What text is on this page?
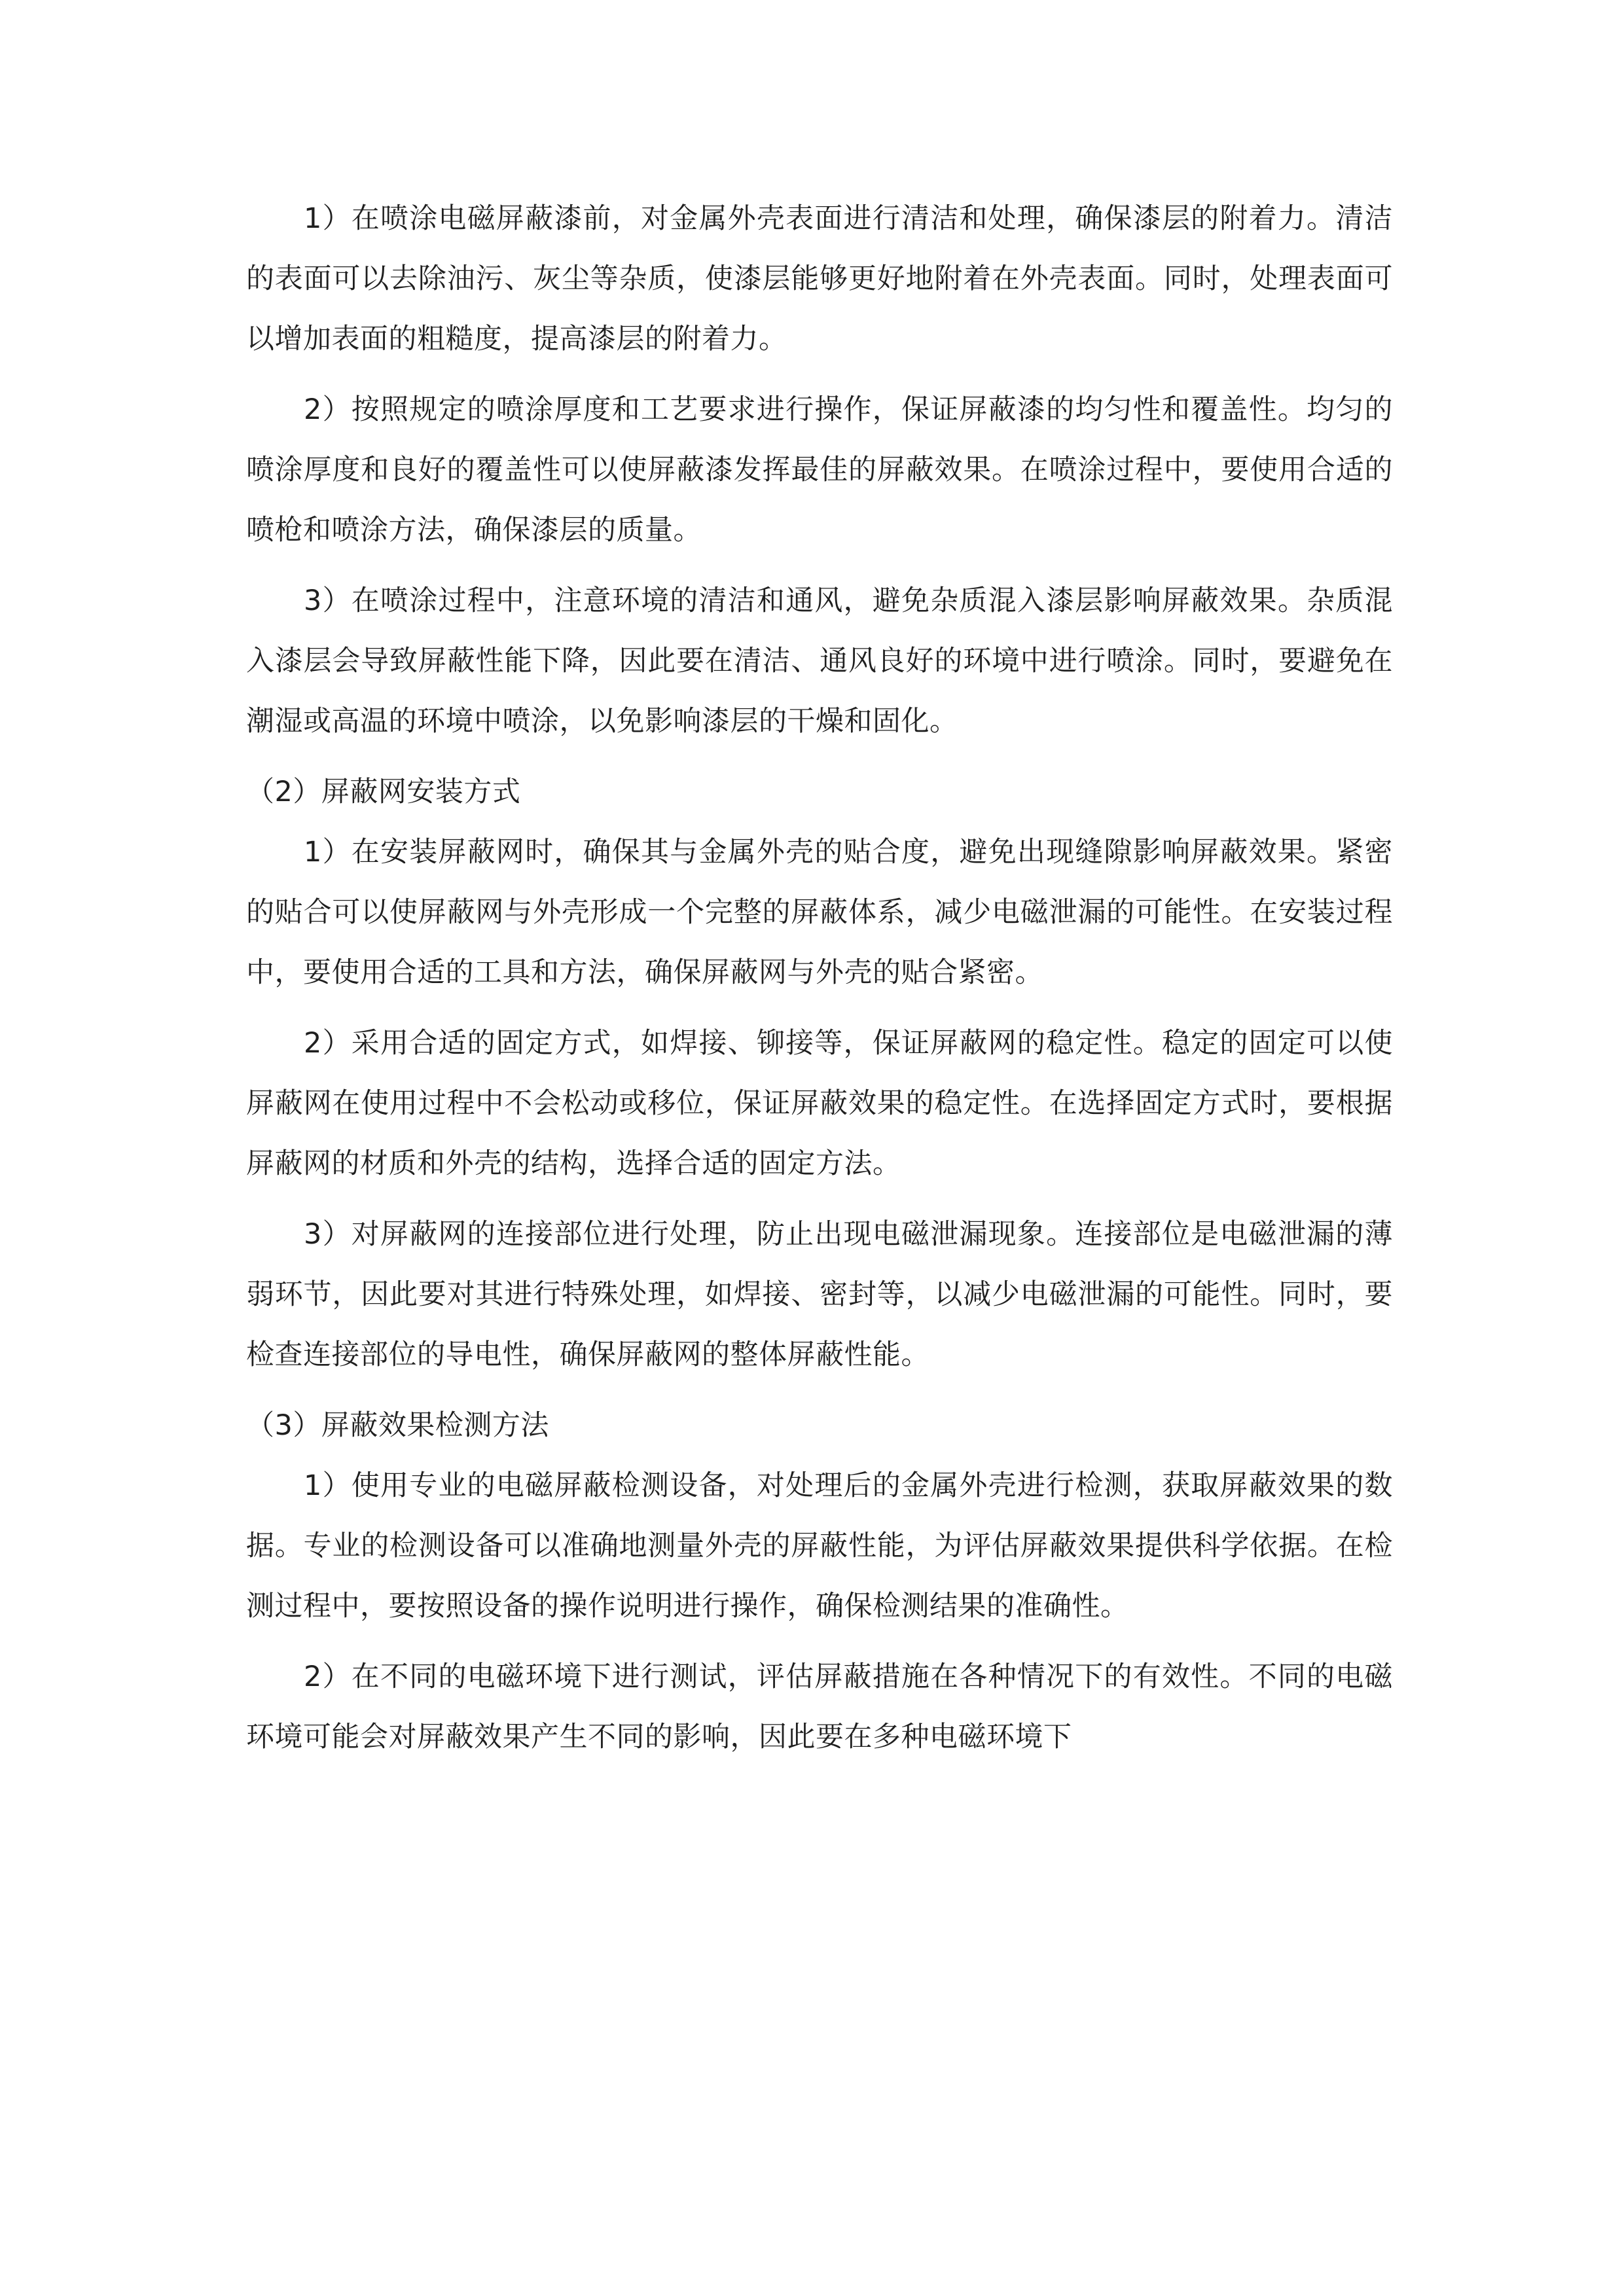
1）在喷涂电磁屏蔽漆前，对金属外壳表面进行清洁和处理，确保漆层的附着力。清洁的表面可以去除油污、灰尘等杂质，使漆层能够更好地附着在外壳表面。同时，处理表面可以增加表面的粗糙度，提高漆层的附着力。

2）按照规定的喷涂厚度和工艺要求进行操作，保证屏蔽漆的均匀性和覆盖性。均匀的喷涂厚度和良好的覆盖性可以使屏蔽漆发挥最佳的屏蔽效果。在喷涂过程中，要使用合适的喷枪和喷涂方法，确保漆层的质量。

3）在喷涂过程中，注意环境的清洁和通风，避免杂质混入漆层影响屏蔽效果。杂质混入漆层会导致屏蔽性能下降，因此要在清洁、通风良好的环境中进行喷涂。同时，要避免在潮湿或高温的环境中喷涂，以免影响漆层的干燥和固化。

（2）屏蔽网安装方式

1）在安装屏蔽网时，确保其与金属外壳的贴合度，避免出现缝隙影响屏蔽效果。紧密的贴合可以使屏蔽网与外壳形成一个完整的屏蔽体系，减少电磁泄漏的可能性。在安装过程中，要使用合适的工具和方法，确保屏蔽网与外壳的贴合紧密。

2）采用合适的固定方式，如焊接、铆接等，保证屏蔽网的稳定性。稳定的固定可以使屏蔽网在使用过程中不会松动或移位，保证屏蔽效果的稳定性。在选择固定方式时，要根据屏蔽网的材质和外壳的结构，选择合适的固定方法。

3）对屏蔽网的连接部位进行处理，防止出现电磁泄漏现象。连接部位是电磁泄漏的薄弱环节，因此要对其进行特殊处理，如焊接、密封等，以减少电磁泄漏的可能性。同时，要检查连接部位的导电性，确保屏蔽网的整体屏蔽性能。

（3）屏蔽效果检测方法

1）使用专业的电磁屏蔽检测设备，对处理后的金属外壳进行检测，获取屏蔽效果的数据。专业的检测设备可以准确地测量外壳的屏蔽性能，为评估屏蔽效果提供科学依据。在检测过程中，要按照设备的操作说明进行操作，确保检测结果的准确性。

2）在不同的电磁环境下进行测试，评估屏蔽措施在各种情况下的有效性。不同的电磁环境可能会对屏蔽效果产生不同的影响，因此要在多种电磁环境下
